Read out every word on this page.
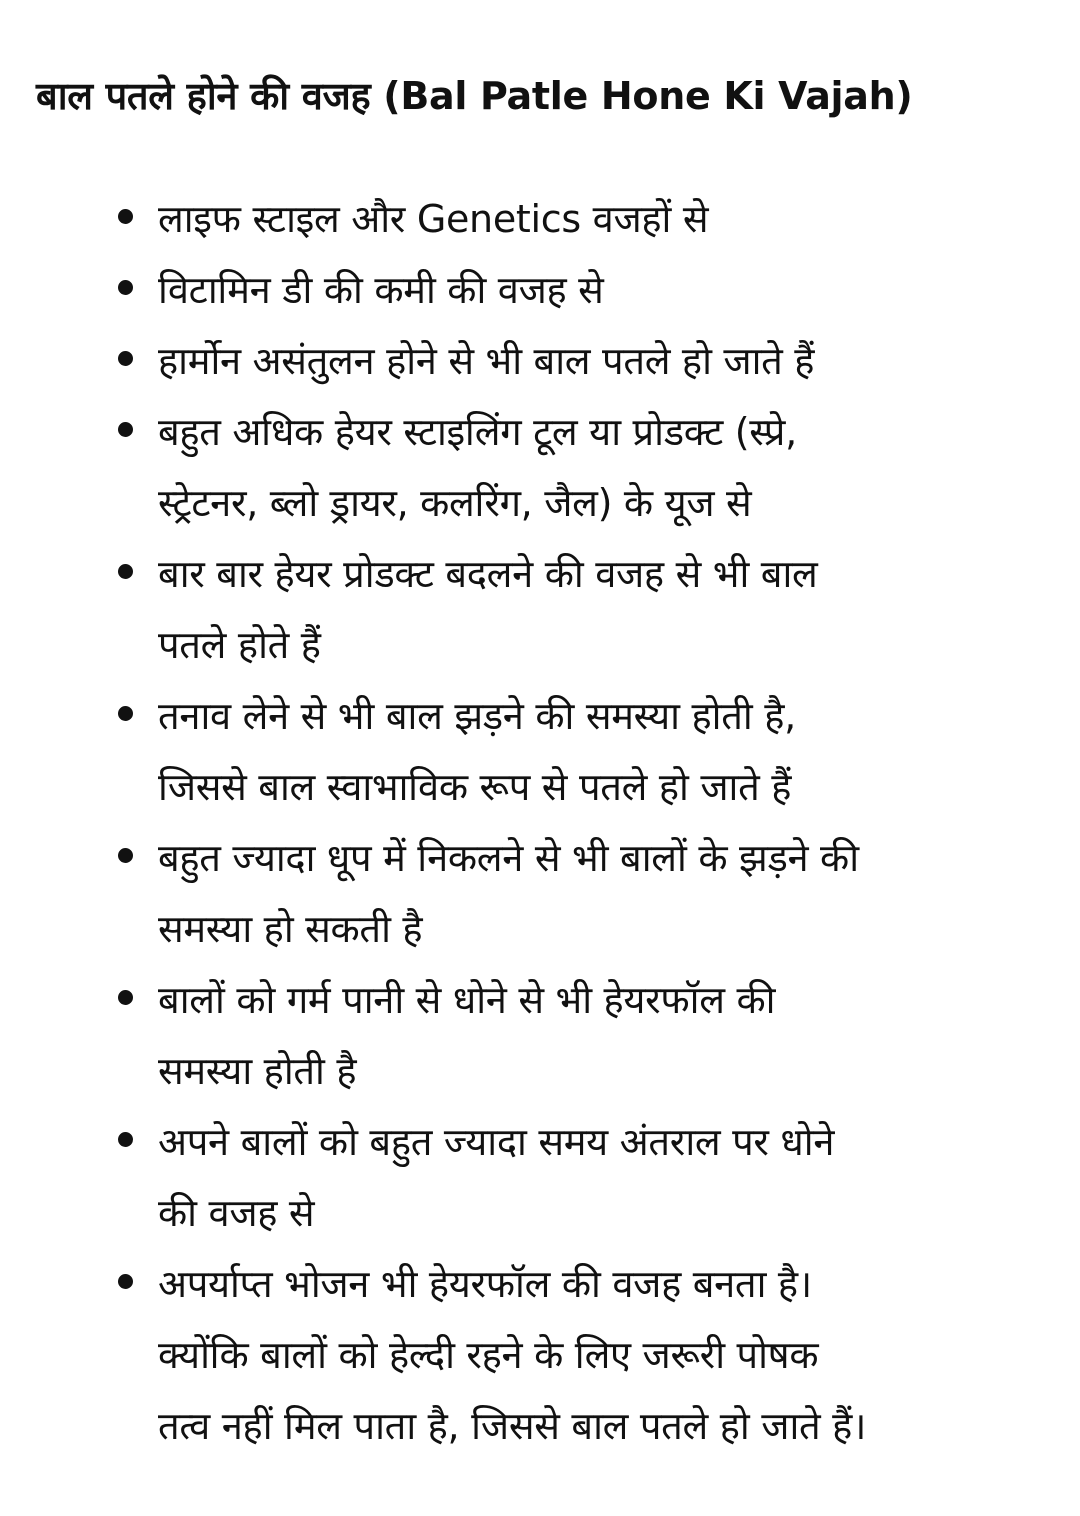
बाल पतले होने की वजह (Bal Patle Hone Ki Vajah)
लाइफ स्टाइल और Genetics वजहों से
विटामिन डी की कमी की वजह से
हार्मोन असंतुलन होने से भी बाल पतले हो जाते हैं
बहुत अधिक हेयर स्टाइलिंग टूल या प्रोडक्ट (स्प्रे,
स्ट्रेटनर, ब्लो ड्रायर, कलरिंग, जैल) के यूज से
बार बार हेयर प्रोडक्ट बदलने की वजह से भी बाल
पतले होते हैं
तनाव लेने से भी बाल झड़ने की समस्या होती है,
जिससे बाल स्वाभाविक रूप से पतले हो जाते हैं
बहुत ज्यादा धूप में निकलने से भी बालों के झड़ने की
समस्या हो सकती है
बालों को गर्म पानी से धोने से भी हेयरफॉल की
समस्या होती है
अपने बालों को बहुत ज्यादा समय अंतराल पर धोने
की वजह से
अपर्याप्त भोजन भी हेयरफॉल की वजह बनता है।
क्योंकि बालों को हेल्दी रहने के लिए जरूरी पोषक
तत्व नहीं मिल पाता है, जिससे बाल पतले हो जाते हैं।
